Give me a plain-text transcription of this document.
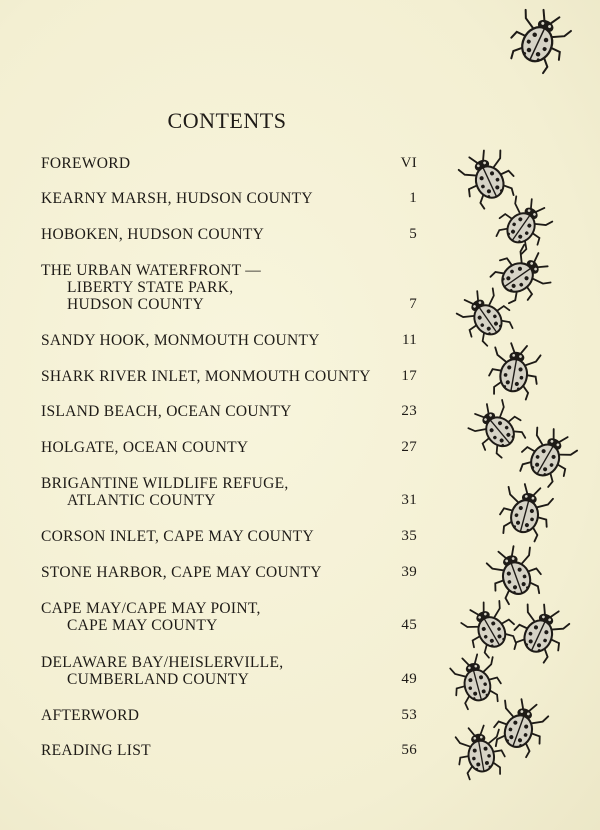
CONTENTS
FOREWORD	VI
KEARNY MARSH, HUDSON COUNTY	1
HOBOKEN, HUDSON COUNTY	5
THE URBAN WATERFRONT —
LIBERTY STATE PARK,
HUDSON COUNTY	7
SANDY HOOK, MONMOUTH COUNTY	11
SHARK RIVER INLET, MONMOUTH COUNTY	17
ISLAND BEACH, OCEAN COUNTY	23
HOLGATE, OCEAN COUNTY	27
BRIGANTINE WILDLIFE REFUGE,
ATLANTIC COUNTY	31
CORSON INLET, CAPE MAY COUNTY	35
STONE HARBOR, CAPE MAY COUNTY	39
CAPE MAY/CAPE MAY POINT,
CAPE MAY COUNTY	45
DELAWARE BAY/HEISLERVILLE,
CUMBERLAND COUNTY	49
AFTERWORD	53
READING LIST	56
